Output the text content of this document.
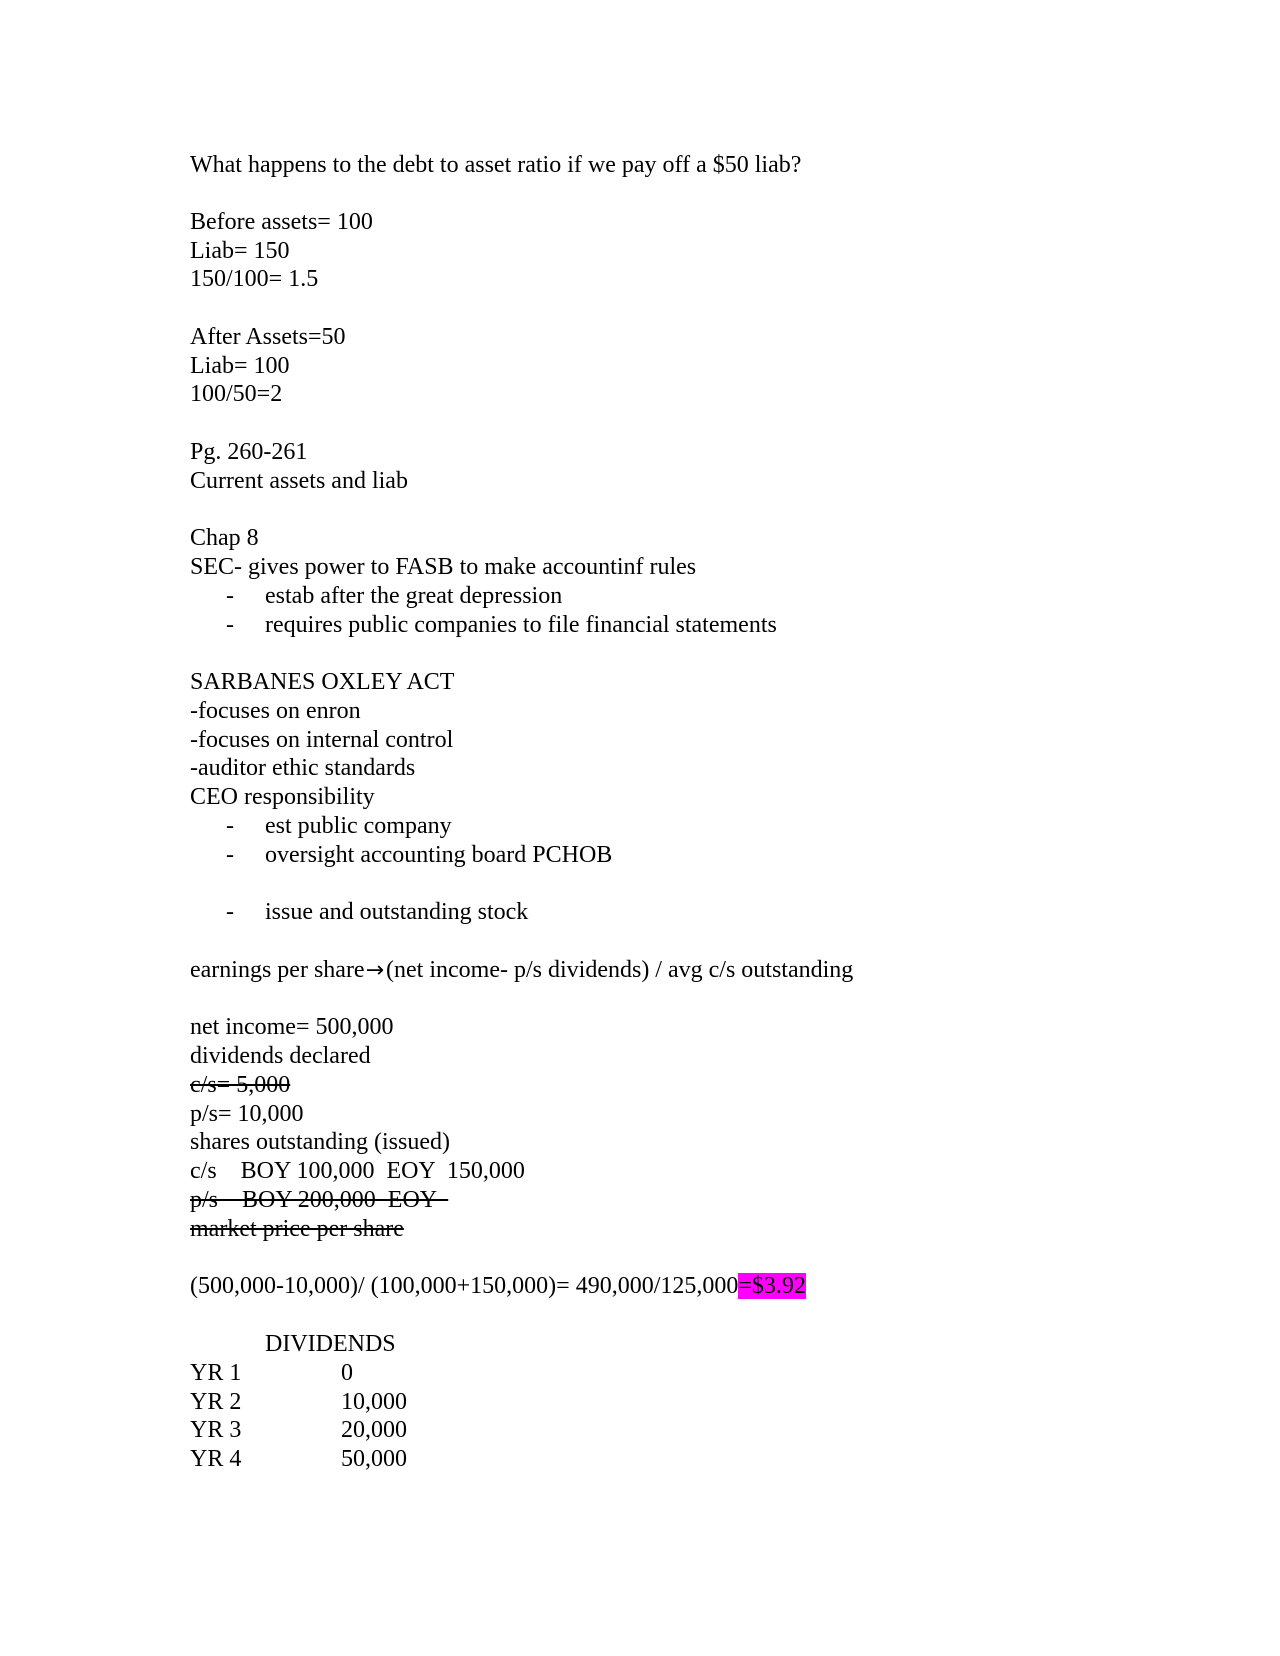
What happens to the debt to asset ratio if we pay off a $50 liab?
Before assets= 100
Liab= 150
150/100= 1.5
After Assets=50
Liab= 100
100/50=2
Pg. 260-261
Current assets and liab
Chap 8
SEC- gives power to FASB to make accountinf rules
- estab after the great depression
- requires public companies to file financial statements
SARBANES OXLEY ACT
-focuses on enron
-focuses on internal control
-auditor ethic standards
CEO responsibility
- est public company
- oversight accounting board PCHOB
- issue and outstanding stock
earnings per share→(net income- p/s dividends) / avg c/s outstanding
net income= 500,000
dividends declared
c/s= 5,000
p/s= 10,000
shares outstanding (issued)
c/s    BOY 100,000  EOY  150,000
p/s    BOY 200,000  EOY
market price per share
(500,000-10,000)/ (100,000+150,000)= 490,000/125,000=$3.92
DIVIDENDS
YR 1	0
YR 2	10,000
YR 3	20,000
YR 4	50,000
